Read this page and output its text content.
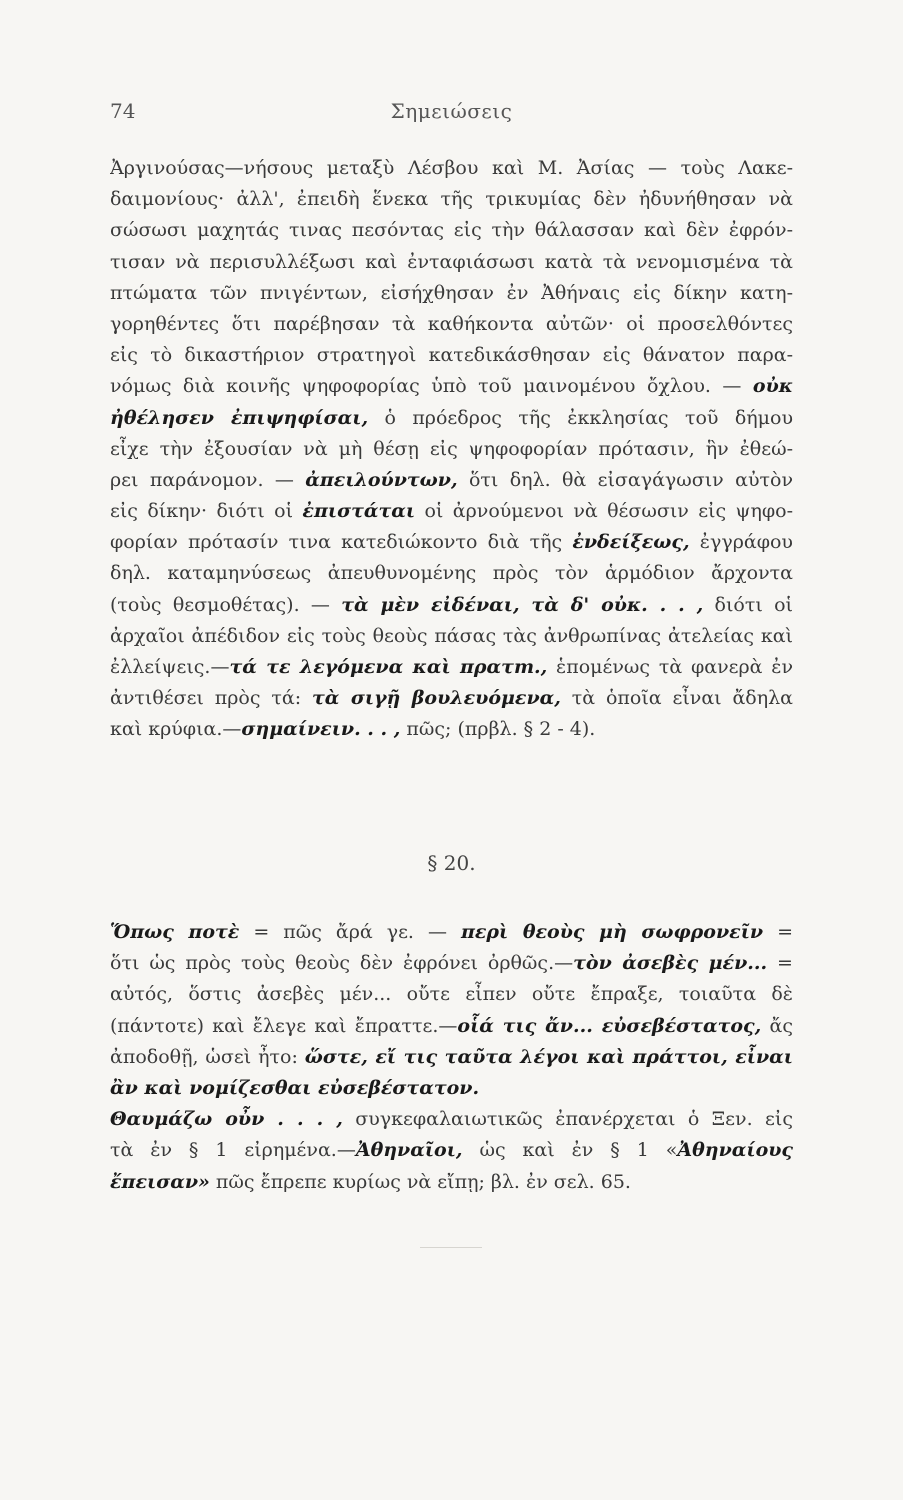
74	Σημειώσεις
Ἀργινούσας—νήσους μεταξὺ Λέσβου καὶ Μ. Ἀσίας — τοὺς Λακε-
δαιμονίους· ἀλλ', ἐπειδὴ ἕνεκα τῆς τρικυμίας δὲν ἠδυνήθησαν νὰ
σώσωσι μαχητάς τινας πεσόντας εἰς τὴν θάλασσαν καὶ δὲν ἐφρόν-
τισαν νὰ περισυλλέξωσι καὶ ἐνταφιάσωσι κατὰ τὰ νενομισμένα τὰ
πτώματα τῶν πνιγέντων, εἰσήχθησαν ἐν Ἀθήναις εἰς δίκην κατη-
γορηθέντες ὅτι παρέβησαν τὰ καθήκοντα αὐτῶν· οἱ προσελθόντες
εἰς τὸ δικαστήριον στρατηγοὶ κατεδικάσθησαν εἰς θάνατον παρα-
νόμως διὰ κοινῆς ψηφοφορίας ὑπὸ τοῦ μαινομένου ὄχλου. — οὐκ
ἠθέλησεν ἐπιψηφίσαι, ὁ πρόεδρος τῆς ἐκκλησίας τοῦ δήμου
εἶχε τὴν ἐξουσίαν νὰ μὴ θέσῃ εἰς ψηφοφορίαν πρότασιν, ἣν ἐθεώ-
ρει παράνομον. — ἀπειλούντων, ὅτι δηλ. θὰ εἰσαγάγωσιν αὐτὸν
εἰς δίκην· διότι οἱ ἐπιστάται οἱ ἀρνούμενοι νὰ θέσωσιν εἰς ψηφο-
φορίαν πρότασίν τινα κατεδιώκοντο διὰ τῆς ἐνδείξεως, ἐγγράφου
δηλ. καταμηνύσεως ἀπευθυνομένης πρὸς τὸν ἁρμόδιον ἄρχοντα
(τοὺς θεσμοθέτας). — τὰ μὲν εἰδέναι, τὰ δ' οὐκ. . . , διότι οἱ
ἀρχαῖοι ἀπέδιδον εἰς τοὺς θεοὺς πάσας τὰς ἀνθρωπίνας ἀτελείας καὶ
ἐλλείψεις.—τά τε λεγόμενα καὶ πρατт., ἑπομένως τὰ φανερὰ ἐν
ἀντιθέσει πρὸς τά: τὰ σιγῇ βουλευόμενα, τὰ ὁποῖα εἶναι ἄδηλα
καὶ κρύφια.—σημαίνειν. . . , πῶς; (πρβλ. § 2 - 4).
§ 20.
Ὅπως ποτὲ = πῶς ἄρά γε. — περὶ θεοὺς μὴ σωφρονεῖν =
ὅτι ὡς πρὸς τοὺς θεοὺς δὲν ἐφρόνει ὀρθῶς.—τὸν ἀσεβὲς μέν... =
αὐτός, ὅστις ἀσεβὲς μέν... οὔτε εἶπεν οὔτε ἔπραξε, τοιαῦτα δὲ
(πάντοτε) καὶ ἔλεγε καὶ ἔπραττε.—οἷά τις ἄν... εὐσεβέστατος, ἄς
ἀποδοθῇ, ὡσεὶ ἦτο: ὥστε, εἴ τις ταῦτα λέγοι καὶ πράττοι, εἶναι
ἂν καὶ νομίζεσθαι εὐσεβέστατον.
Θαυμάζω οὖν . . . , συγκεφαλαιωτικῶς ἐπανέρχεται ὁ Ξεν. εἰς
τὰ ἐν § 1 εἰρημένα.—Ἀθηναῖοι, ὡς καὶ ἐν § 1 «Ἀθηναίους
ἔπεισαν» πῶς ἔπρεπε κυρίως νὰ εἴπῃ; βλ. ἐν σελ. 65.
